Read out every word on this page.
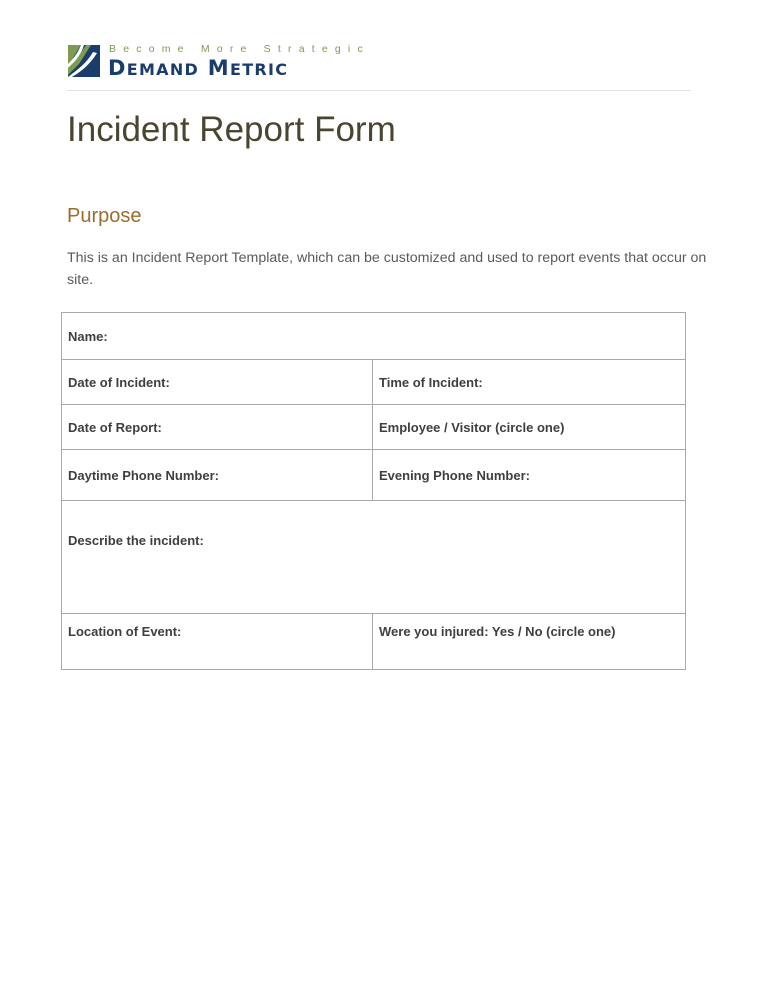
Become More Strategic
DEMAND METRIC
Incident Report Form
Purpose

This is an Incident Report Template, which can be customized and used to report events that occur on site.

Name:	
Date of Incident:	Time of Incident:
Date of Report:	Employee / Visitor (circle one)
Daytime Phone Number:	Evening Phone Number:
Describe the incident:	
Location of Event:	Were you injured: Yes / No (circle one)
